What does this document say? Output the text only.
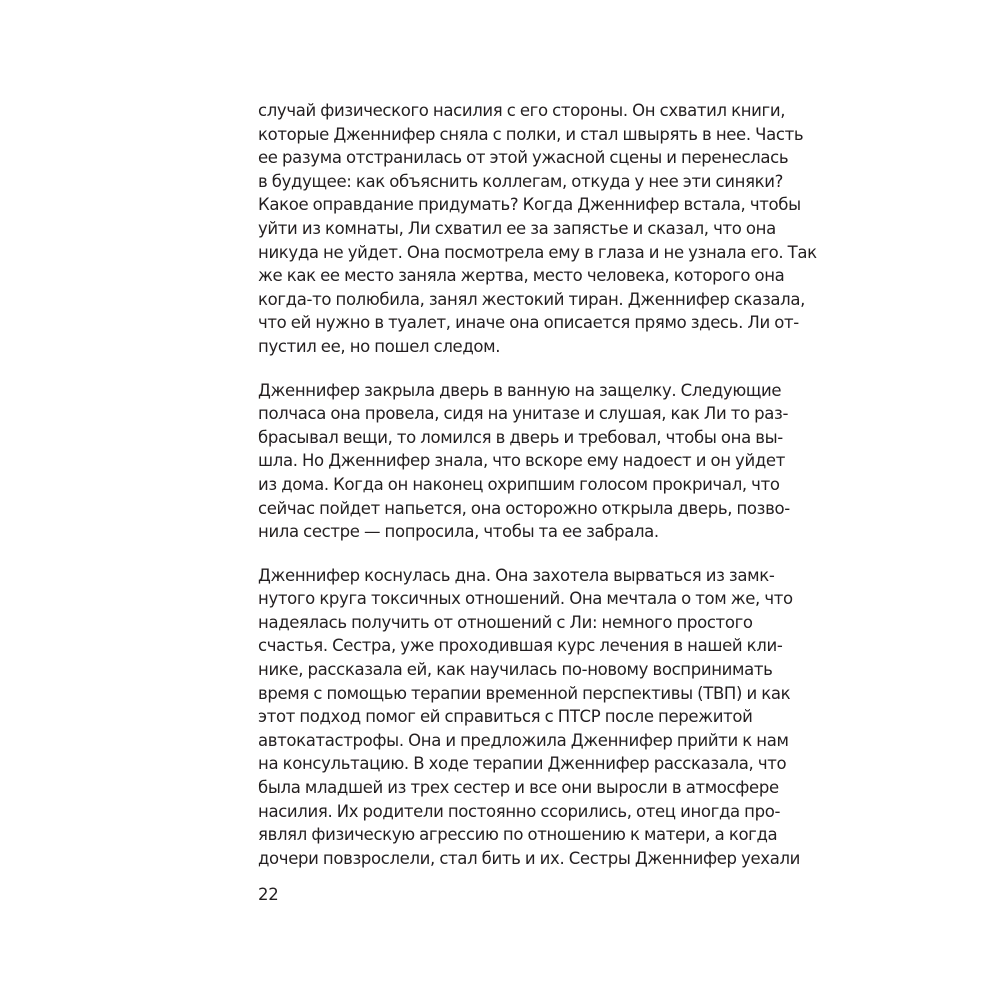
случай физического насилия с его стороны. Он схватил книги,
которые Дженнифер сняла с полки, и стал швырять в нее. Часть
ее разума отстранилась от этой ужасной сцены и перенеслась
в будущее: как объяснить коллегам, откуда у нее эти синяки?
Какое оправдание придумать? Когда Дженнифер встала, чтобы
уйти из комнаты, Ли схватил ее за запястье и сказал, что она
никуда не уйдет. Она посмотрела ему в глаза и не узнала его. Так
же как ее место заняла жертва, место человека, которого она
когда-то полюбила, занял жестокий тиран. Дженнифер сказала,
что ей нужно в туалет, иначе она описается прямо здесь. Ли от-
пустил ее, но пошел следом.
Дженнифер закрыла дверь в ванную на защелку. Следующие
полчаса она провела, сидя на унитазе и слушая, как Ли то раз-
брасывал вещи, то ломился в дверь и требовал, чтобы она вы-
шла. Но Дженнифер знала, что вскоре ему надоест и он уйдет
из дома. Когда он наконец охрипшим голосом прокричал, что
сейчас пойдет напьется, она осторожно открыла дверь, позво-
нила сестре — попросила, чтобы та ее забрала.
Дженнифер коснулась дна. Она захотела вырваться из замк-
нутого круга токсичных отношений. Она мечтала о том же, что
надеялась получить от отношений с Ли: немного простого
счастья. Сестра, уже проходившая курс лечения в нашей кли-
нике, рассказала ей, как научилась по-новому воспринимать
время с помощью терапии временной перспективы (ТВП) и как
этот подход помог ей справиться с ПТСР после пережитой
автокатастрофы. Она и предложила Дженнифер прийти к нам
на консультацию. В ходе терапии Дженнифер рассказала, что
была младшей из трех сестер и все они выросли в атмосфере
насилия. Их родители постоянно ссорились, отец иногда про-
являл физическую агрессию по отношению к матери, а когда
дочери повзрослели, стал бить и их. Сестры Дженнифер уехали
22
